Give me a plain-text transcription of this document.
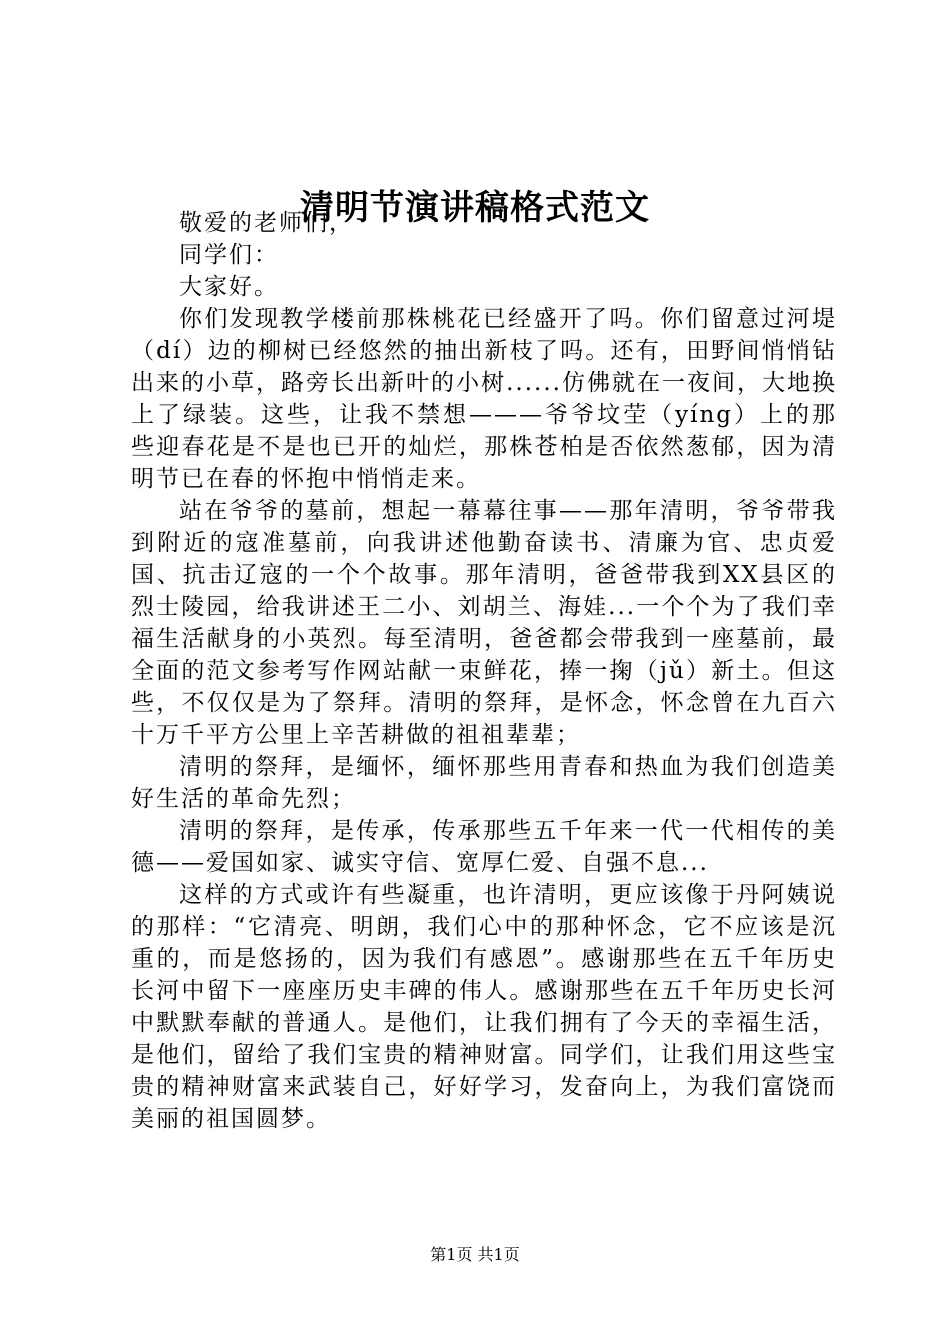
清明节演讲稿格式范文

敬爱的老师们，

同学们：

大家好。

你们发现教学楼前那株桃花已经盛开了吗。你们留意过河堤（dí）边的柳树已经悠然的抽出新枝了吗。还有，田野间悄悄钻出来的小草，路旁长出新叶的小树......仿佛就在一夜间，大地换上了绿装。这些，让我不禁想———爷爷坟茔（yíng）上的那些迎春花是不是也已开的灿烂，那株苍柏是否依然葱郁，因为清明节已在春的怀抱中悄悄走来。

站在爷爷的墓前，想起一幕幕往事——那年清明，爷爷带我到附近的寇准墓前，向我讲述他勤奋读书、清廉为官、忠贞爱国、抗击辽寇的一个个故事。那年清明，爸爸带我到XX县区的烈士陵园，给我讲述王二小、刘胡兰、海娃...一个个为了我们幸福生活献身的小英烈。每至清明，爸爸都会带我到一座墓前，最全面的范文参考写作网站献一束鲜花，捧一掬（jǔ）新土。但这些，不仅仅是为了祭拜。清明的祭拜，是怀念，怀念曾在九百六十万千平方公里上辛苦耕做的祖祖辈辈；

清明的祭拜，是缅怀，缅怀那些用青春和热血为我们创造美好生活的革命先烈；

清明的祭拜，是传承，传承那些五千年来一代一代相传的美德——爱国如家、诚实守信、宽厚仁爱、自强不息...

这样的方式或许有些凝重，也许清明，更应该像于丹阿姨说的那样：“它清亮、明朗，我们心中的那种怀念，它不应该是沉重的，而是悠扬的，因为我们有感恩”。感谢那些在五千年历史长河中留下一座座历史丰碑的伟人。感谢那些在五千年历史长河中默默奉献的普通人。是他们，让我们拥有了今天的幸福生活，是他们，留给了我们宝贵的精神财富。同学们，让我们用这些宝贵的精神财富来武装自己，好好学习，发奋向上，为我们富饶而美丽的祖国圆梦。

第1页 共1页
